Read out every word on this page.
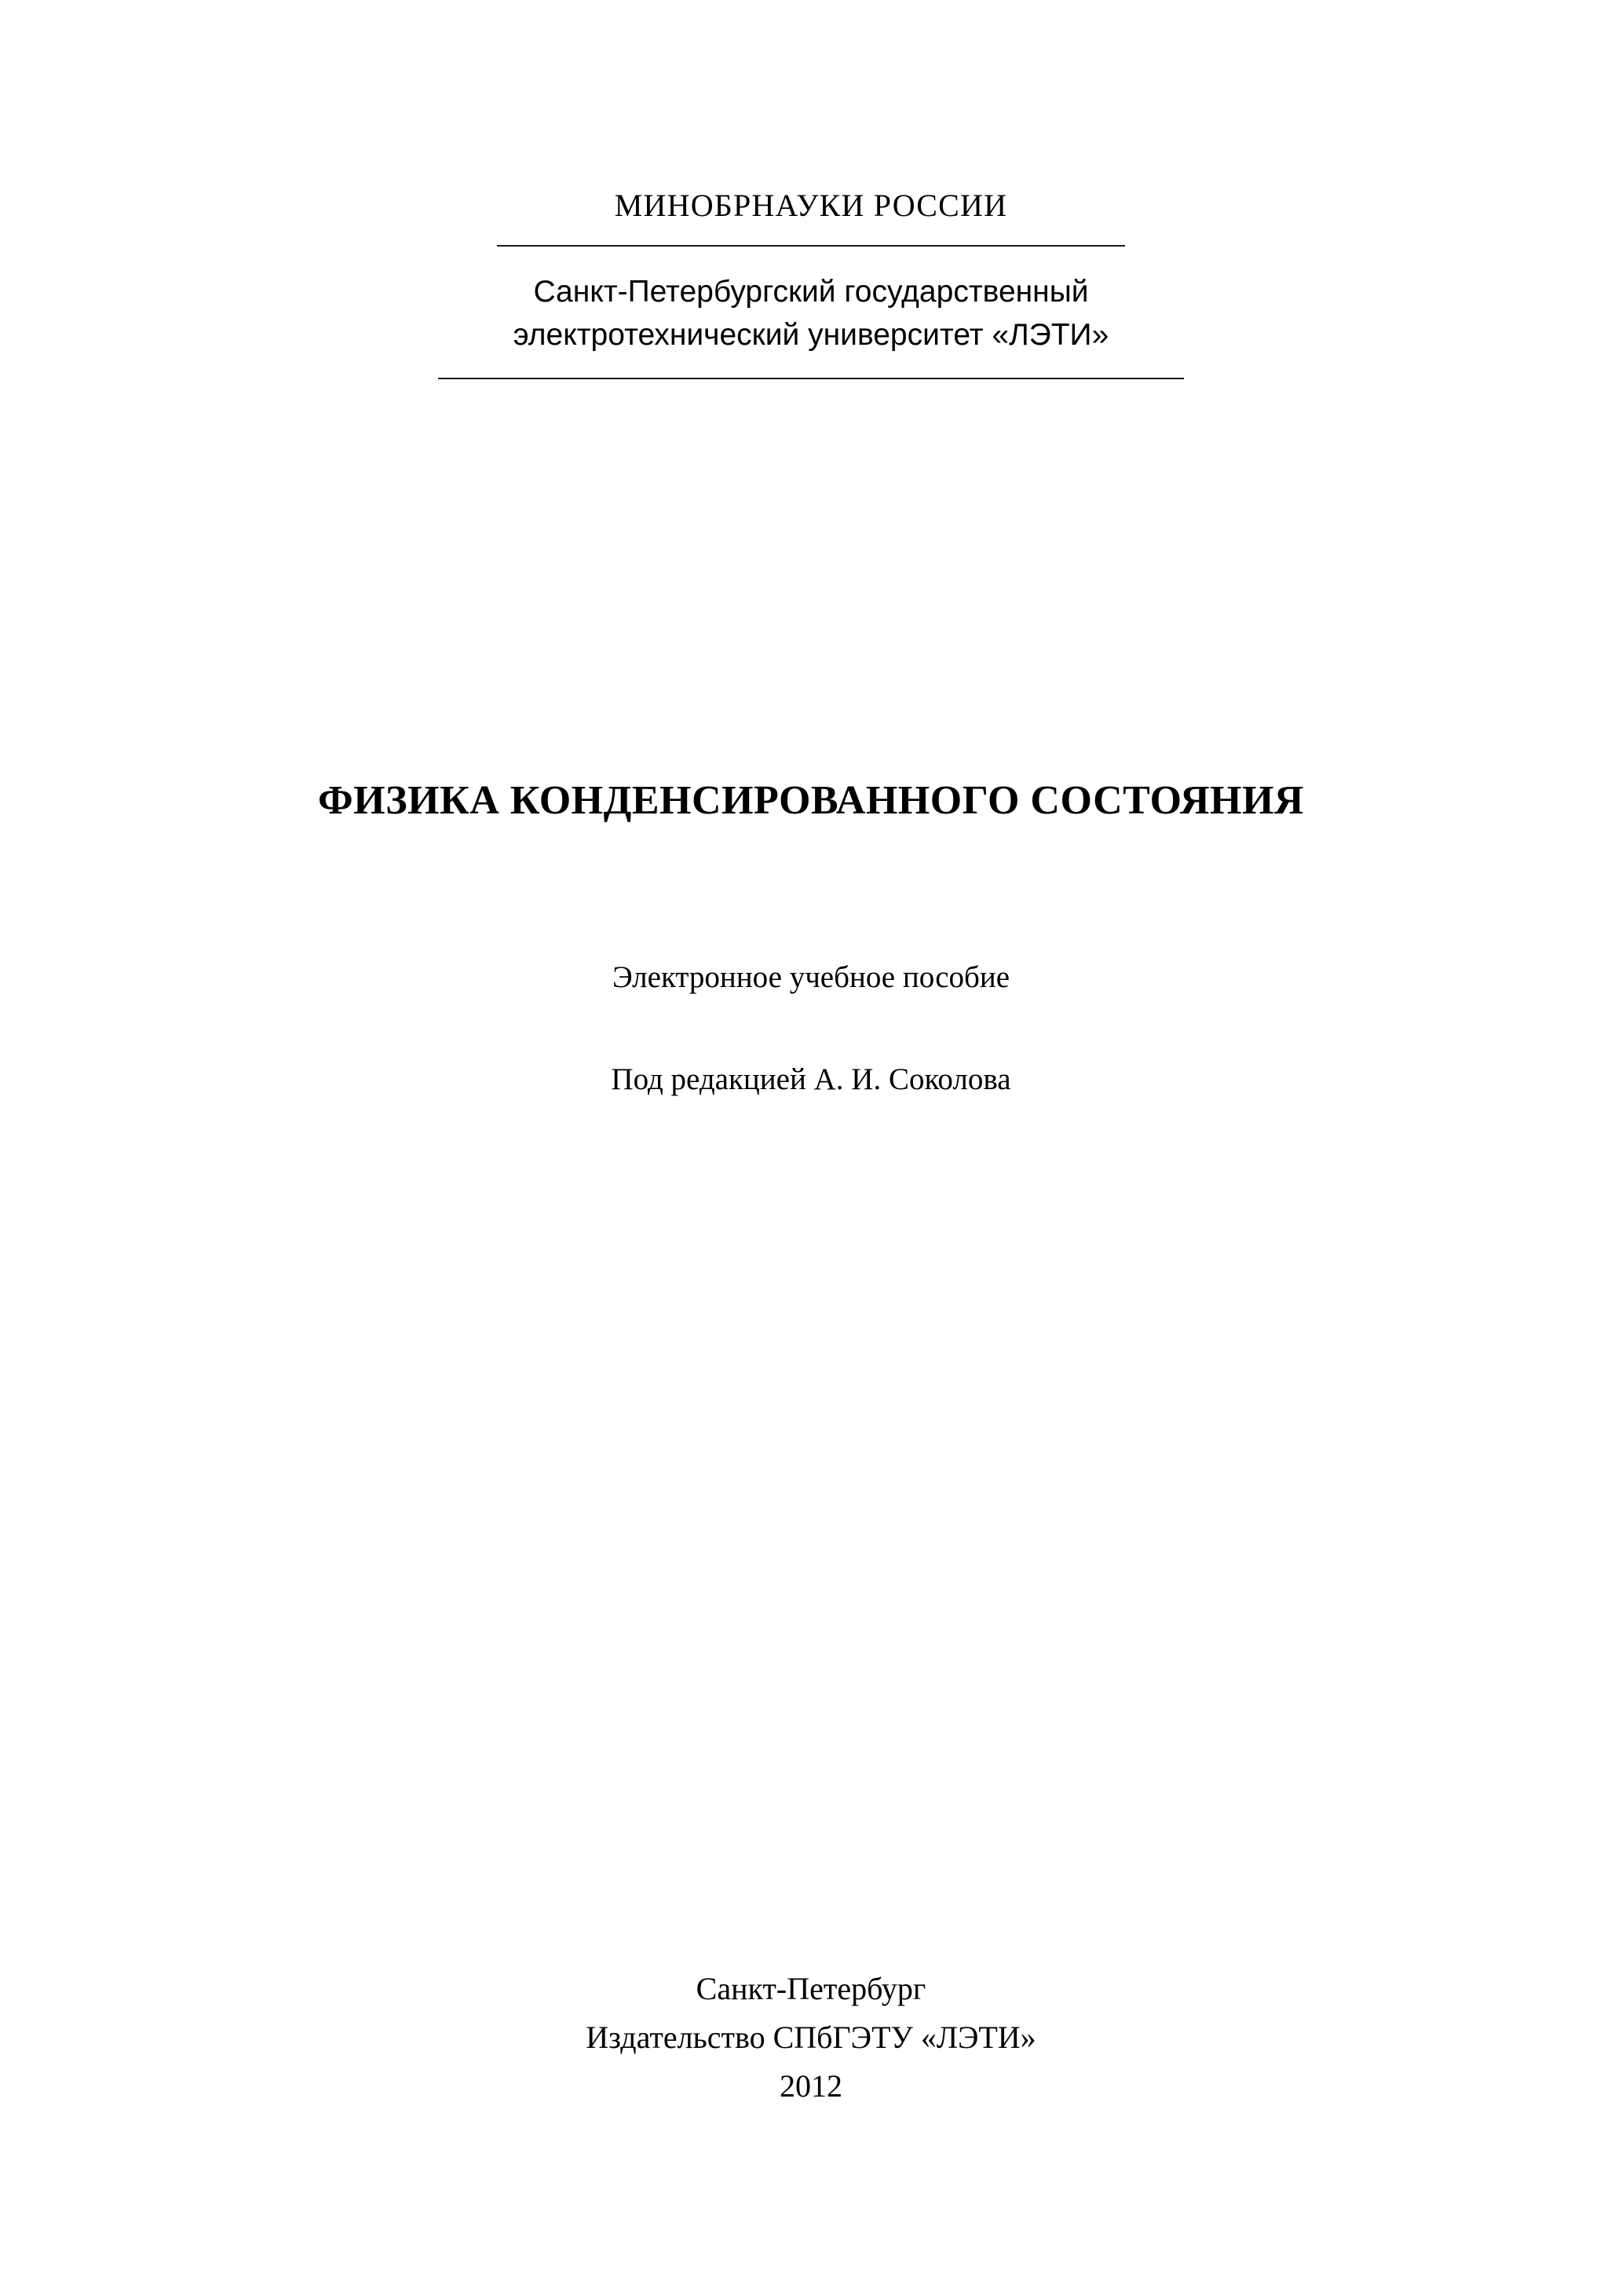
МИНОБРНАУКИ РОССИИ
Санкт-Петербургский государственный
электротехнический университет «ЛЭТИ»
ФИЗИКА КОНДЕНСИРОВАННОГО СОСТОЯНИЯ
Электронное учебное пособие
Под редакцией А. И. Соколова
Санкт-Петербург
Издательство СПбГЭТУ «ЛЭТИ»
2012
